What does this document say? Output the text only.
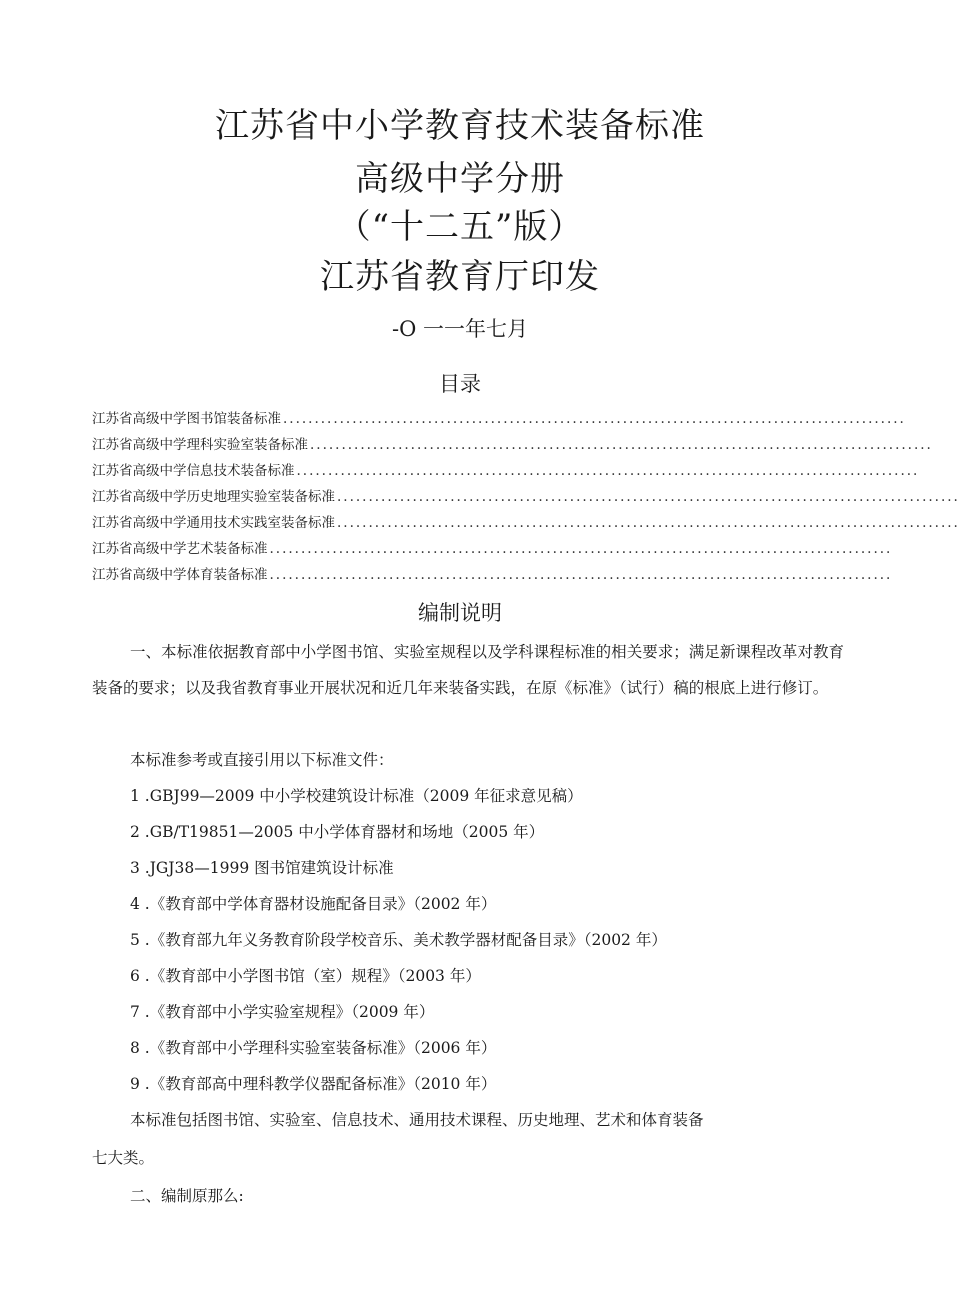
江苏省中小学教育技术装备标准
高级中学分册
（“十二五”版）
江苏省教育厅印发
-O 一一年七月
目录
江苏省高级中学图书馆装备标准 ...................................................................................................
江苏省高级中学理科实验室装备标准 ...................................................................................................
江苏省高级中学信息技术装备标准 ...................................................................................................
江苏省高级中学历史地理实验室装备标准 ...................................................................................................
江苏省高级中学通用技术实践室装备标准 ...................................................................................................
江苏省高级中学艺术装备标准 ...................................................................................................
江苏省高级中学体育装备标准 ...................................................................................................
编制说明
一、本标准依据教育部中小学图书馆、实验室规程以及学科课程标准的相关要求；满足新课程改革对教育装备的要求；以及我省教育事业开展状况和近几年来装备实践，在原《标准》（试行）稿的根底上进行修订。
本标准参考或直接引用以下标准文件：
1 .GBJ99—2009 中小学校建筑设计标准（2009 年征求意见稿）
2 .GB/T19851—2005 中小学体育器材和场地（2005 年）
3 .JGJ38—1999 图书馆建筑设计标准
4 .《教育部中学体育器材设施配备目录》（2002 年）
5 .《教育部九年义务教育阶段学校音乐、美术教学器材配备目录》（2002 年）
6 .《教育部中小学图书馆（室）规程》（2003 年）
7 .《教育部中小学实验室规程》（2009 年）
8 .《教育部中小学理科实验室装备标准》（2006 年）
9 .《教育部高中理科教学仪器配备标准》（2010 年）
本标准包括图书馆、实验室、信息技术、通用技术课程、历史地理、艺术和体育装备
七大类。
二、编制原那么:
